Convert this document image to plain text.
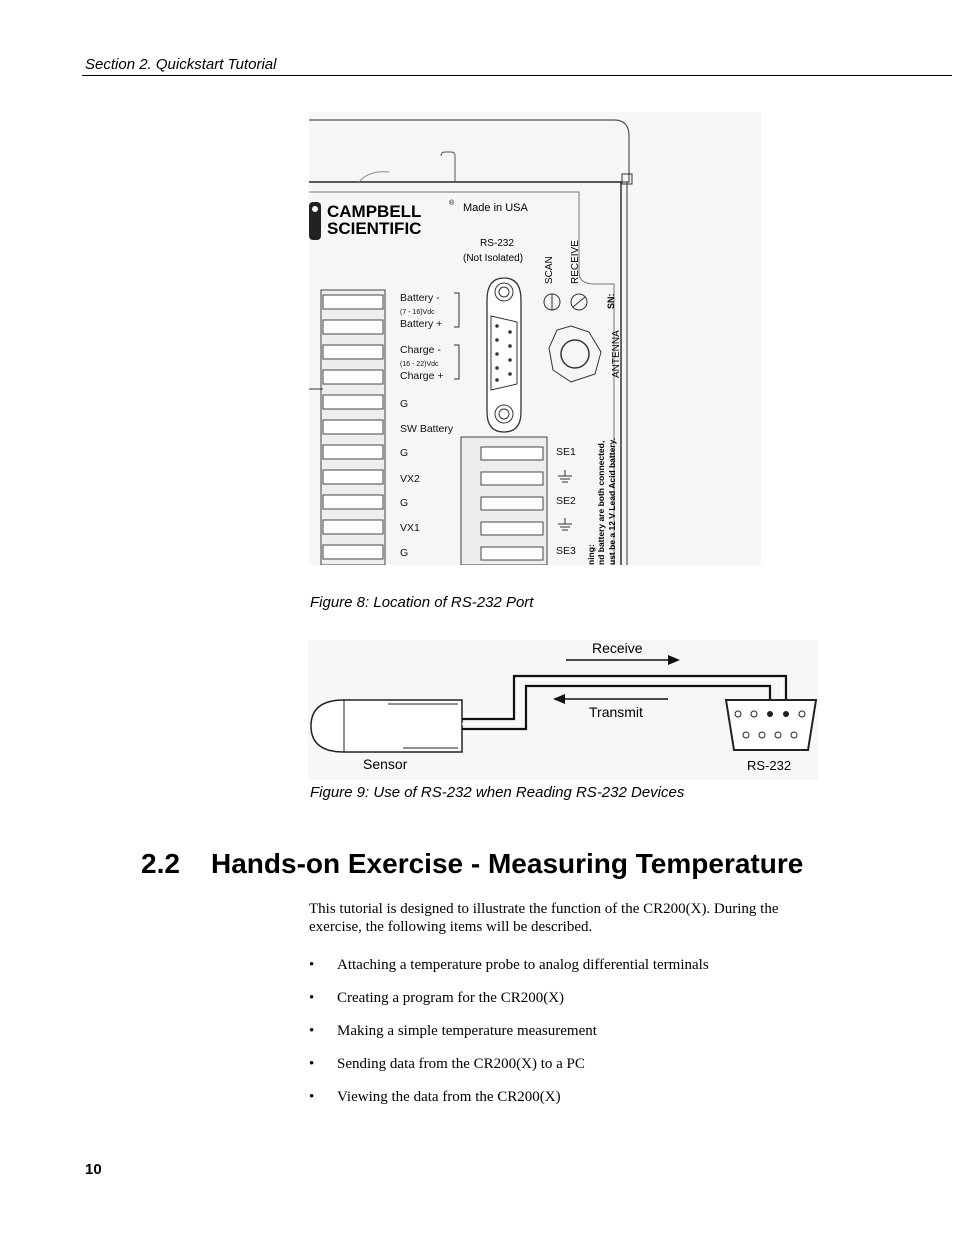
Section 2. Quickstart Tutorial
CAMPBELL
SCIENTIFIC
® Made in USA
RS-232
(Not Isolated) SCAN RECEIVE
SN:
ANTENNA
Battery -
(7 - 16)Vdc
Battery +
Charge -
(16 - 22)Vdc
Charge +
G
SW Battery
G
VX2
G
VX1
G
SE1
SE2
SE3 ning: nd battery are both connected, ust be a 12 V Lead Acid battery.
Figure 8: Location of RS-232 Port
Sensor
Receive
Transmit
RS-232
Figure 9: Use of RS-232 when Reading RS-232 Devices
2.2 Hands-on Exercise - Measuring Temperature
This tutorial is designed to illustrate the function of the CR200(X). During the exercise, the following items will be described.
• Attaching a temperature probe to analog differential terminals
• Creating a program for the CR200(X)
• Making a simple temperature measurement
• Sending data from the CR200(X) to a PC
• Viewing the data from the CR200(X)
10
